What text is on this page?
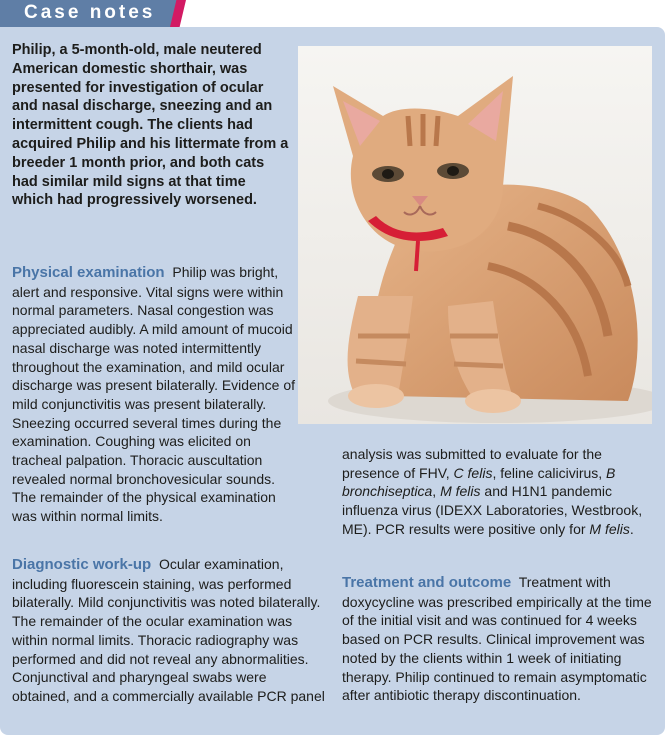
Case notes
Philip, a 5-month-old, male neutered American domestic shorthair, was presented for investigation of ocular and nasal discharge, sneezing and an intermittent cough. The clients had acquired Philip and his littermate from a breeder 1 month prior, and both cats had similar mild signs at that time which had progressively worsened.

Physical examination Philip was bright, alert and responsive. Vital signs were within normal parameters. Nasal congestion was appreciated audibly. A mild amount of mucoid nasal discharge was noted intermittently throughout the examination, and mild ocular discharge was present bilaterally. Evidence of mild conjunctivitis was present bilaterally. Sneezing occurred several times during the examination. Coughing was elicited on tracheal palpation. Thoracic auscultation revealed normal bronchovesicular sounds. The remainder of the physical examination was within normal limits.

Diagnostic work-up Ocular examination, including fluorescein staining, was performed bilaterally. Mild conjunctivitis was noted bilaterally. The remainder of the ocular examination was within normal limits. Thoracic radiography was performed and did not reveal any abnormalities. Conjunctival and pharyngeal swabs were obtained, and a commercially available PCR panel

analysis was submitted to evaluate for the presence of FHV, C felis, feline calicivirus, B bronchiseptica, M felis and H1N1 pandemic influenza virus (IDEXX Laboratories, Westbrook, ME). PCR results were positive only for M felis.

Treatment and outcome Treatment with doxycycline was prescribed empirically at the time of the initial visit and was continued for 4 weeks based on PCR results. Clinical improvement was noted by the clients within 1 week of initiating therapy. Philip continued to remain asymptomatic after antibiotic therapy discontinuation.
